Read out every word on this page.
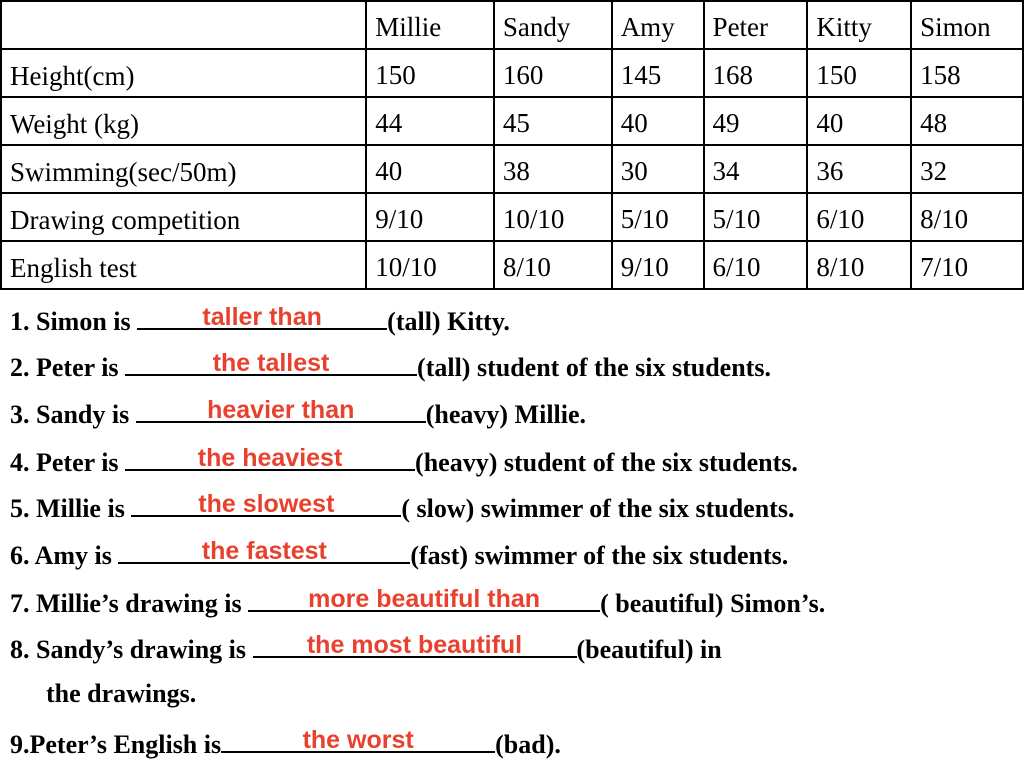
	Millie	Sandy	Amy	Peter	Kitty	Simon
Height(cm)	150	160	145	168	150	158
Weight (kg)	44	45	40	49	40	48
Swimming(sec/50m)	40	38	30	34	36	32
Drawing competition	9/10	10/10	5/10	5/10	6/10	8/10
English test	10/10	8/10	9/10	6/10	8/10	7/10
1. Simon is	taller than	(tall) Kitty.
2. Peter is	the tallest	(tall) student of the six students.
3. Sandy is	heavier than	(heavy) Millie.
4. Peter is	the heaviest	(heavy) student of the six students.
5. Millie is	the slowest	( slow) swimmer of the six students.
6. Amy is	the fastest	(fast) swimmer of the six students.
7. Millie’s drawing is	more beautiful than	( beautiful) Simon’s.
8. Sandy’s drawing is	the most beautiful	(beautiful) in
the drawings.
9.Peter’s English is	the worst	(bad).
